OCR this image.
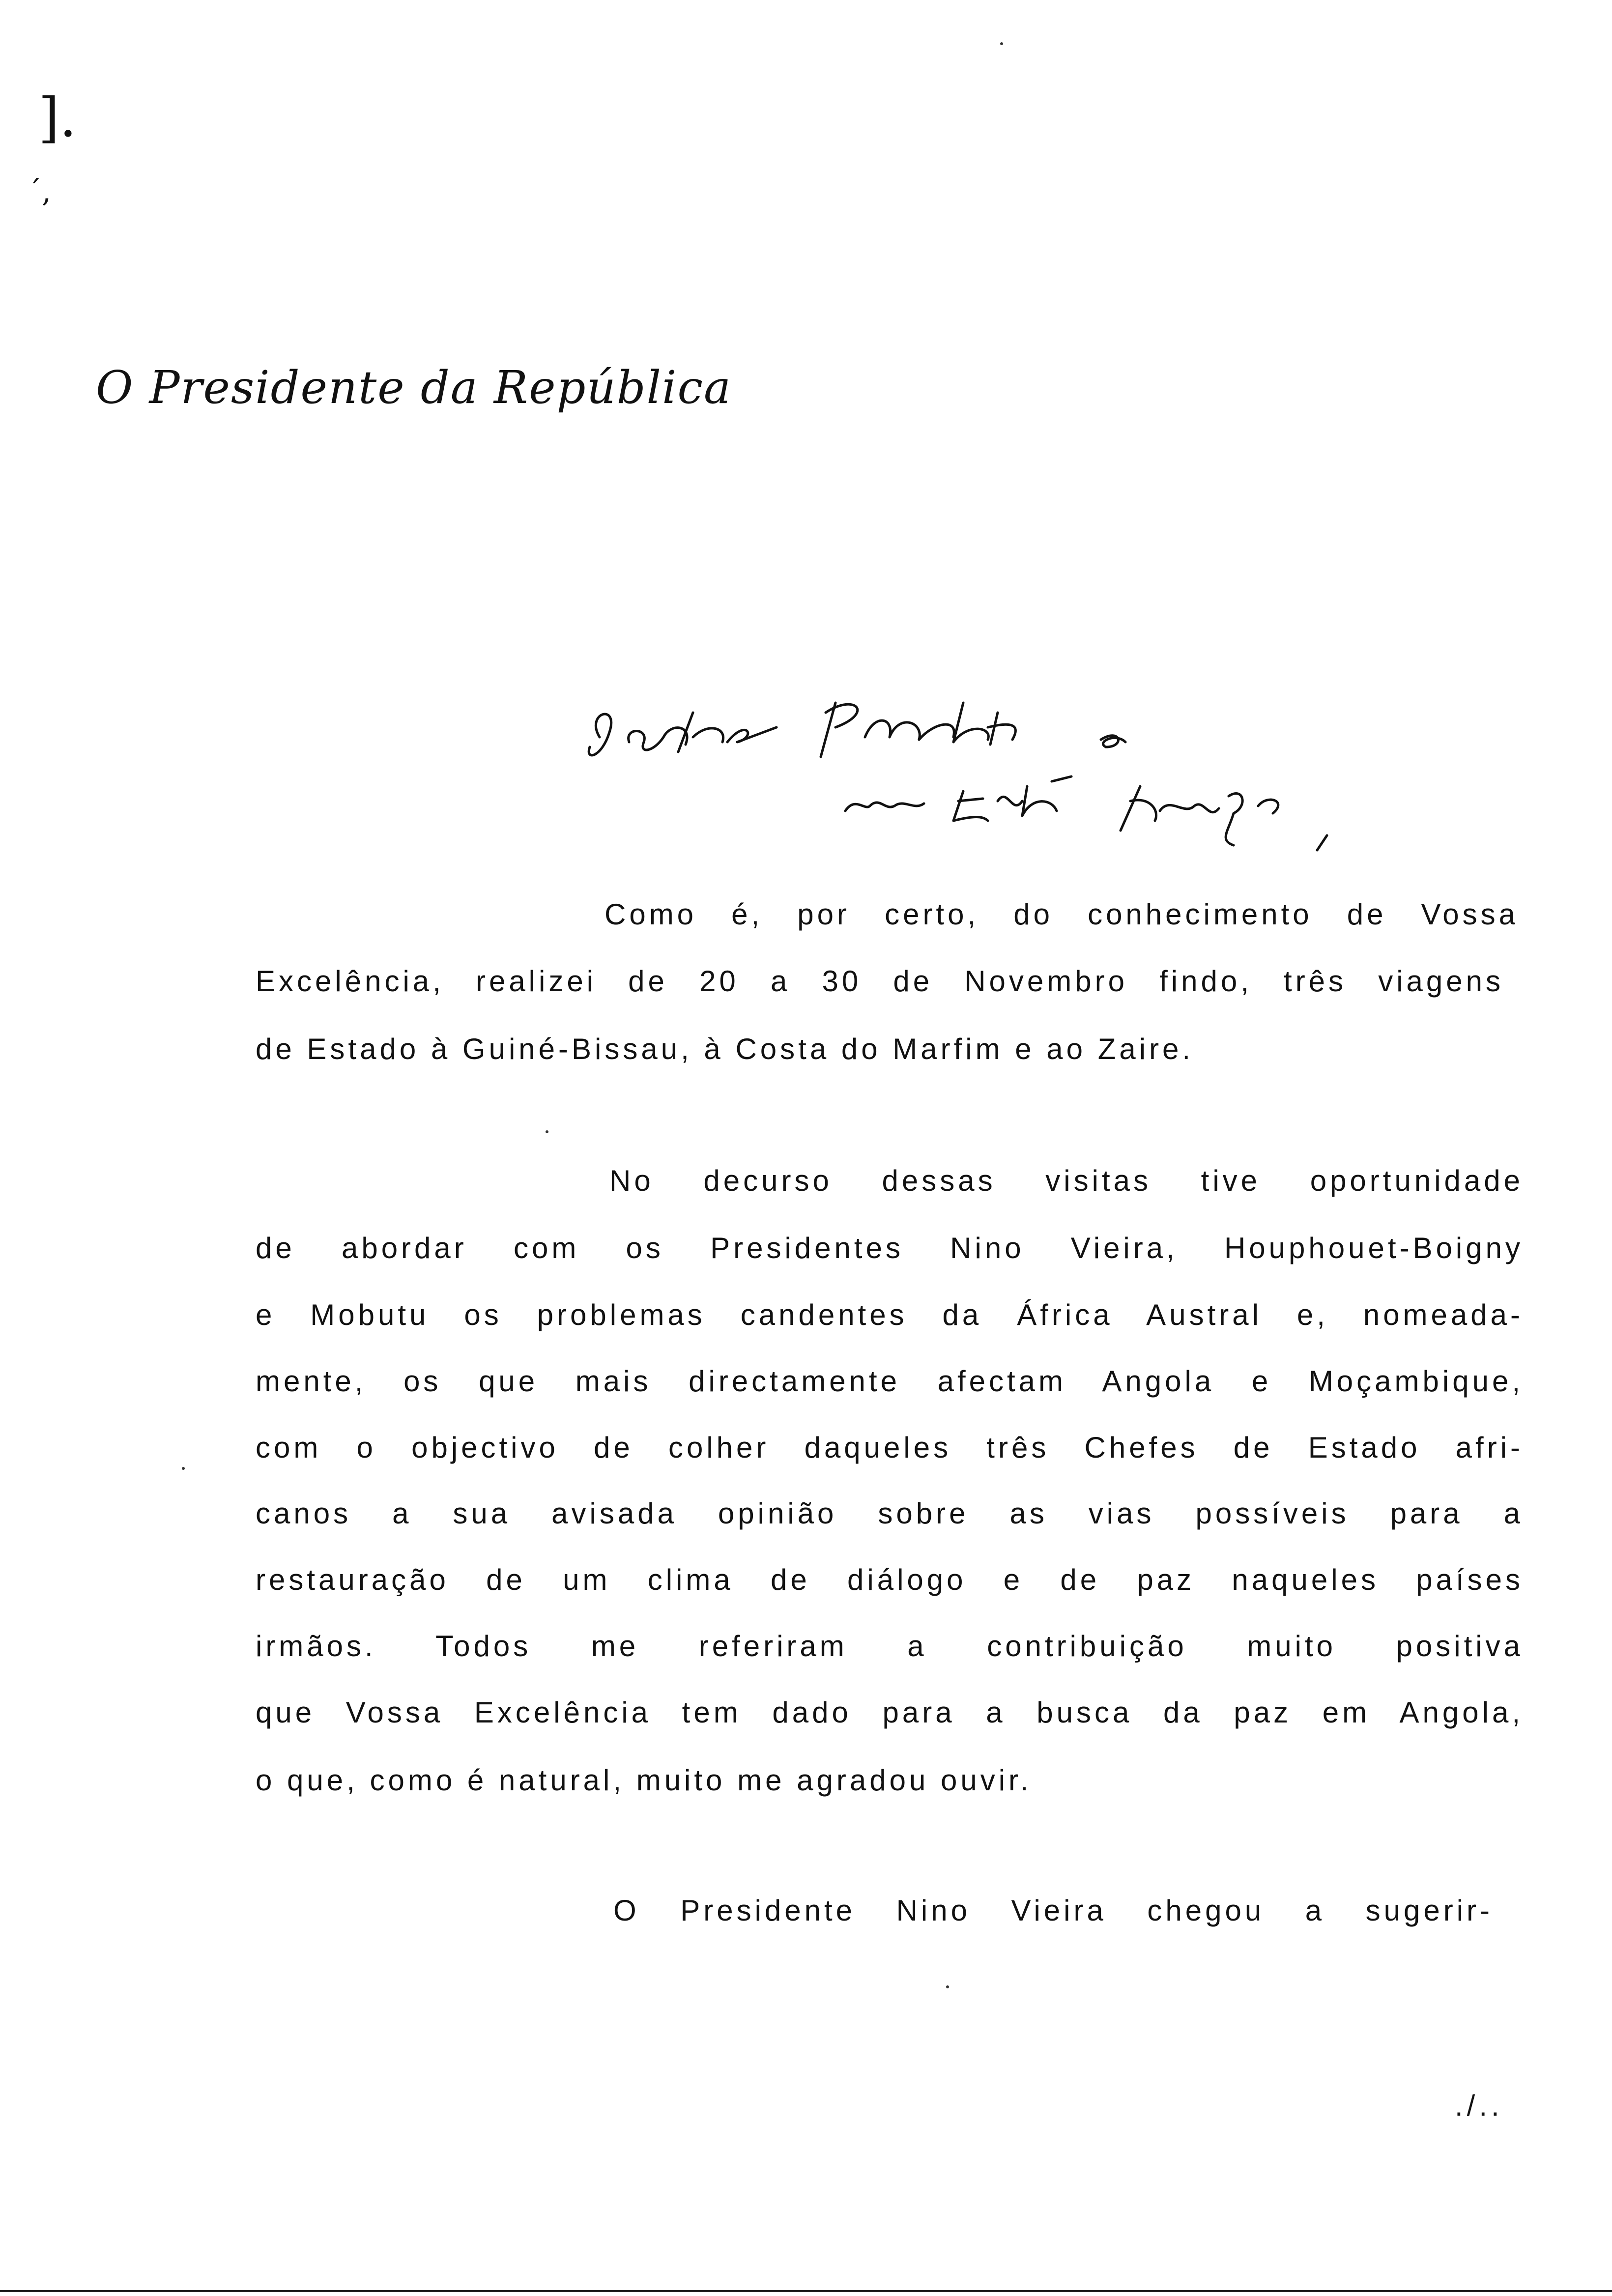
].
´,
O Presidente da República
Como é, por certo, do conhecimento de Vossa
Excelência, realizei de 20 a 30 de Novembro findo, três viagens
de Estado à Guiné-Bissau, à Costa do Marfim e ao Zaire.
No decurso dessas visitas tive oportunidade
de abordar com os Presidentes Nino Vieira, Houphouet-Boigny
e Mobutu os problemas candentes da África Austral e, nomeada-
mente, os que mais directamente afectam Angola e Moçambique,
com o objectivo de colher daqueles três Chefes de Estado afri-
canos a sua avisada opinião sobre as vias possíveis para a
restauração de um clima de diálogo e de paz naqueles países
irmãos. Todos me referiram a contribuição muito positiva
que Vossa Excelência tem dado para a busca da paz em Angola,
o que, como é natural, muito me agradou ouvir.
O Presidente Nino Vieira chegou a sugerir-
./..
